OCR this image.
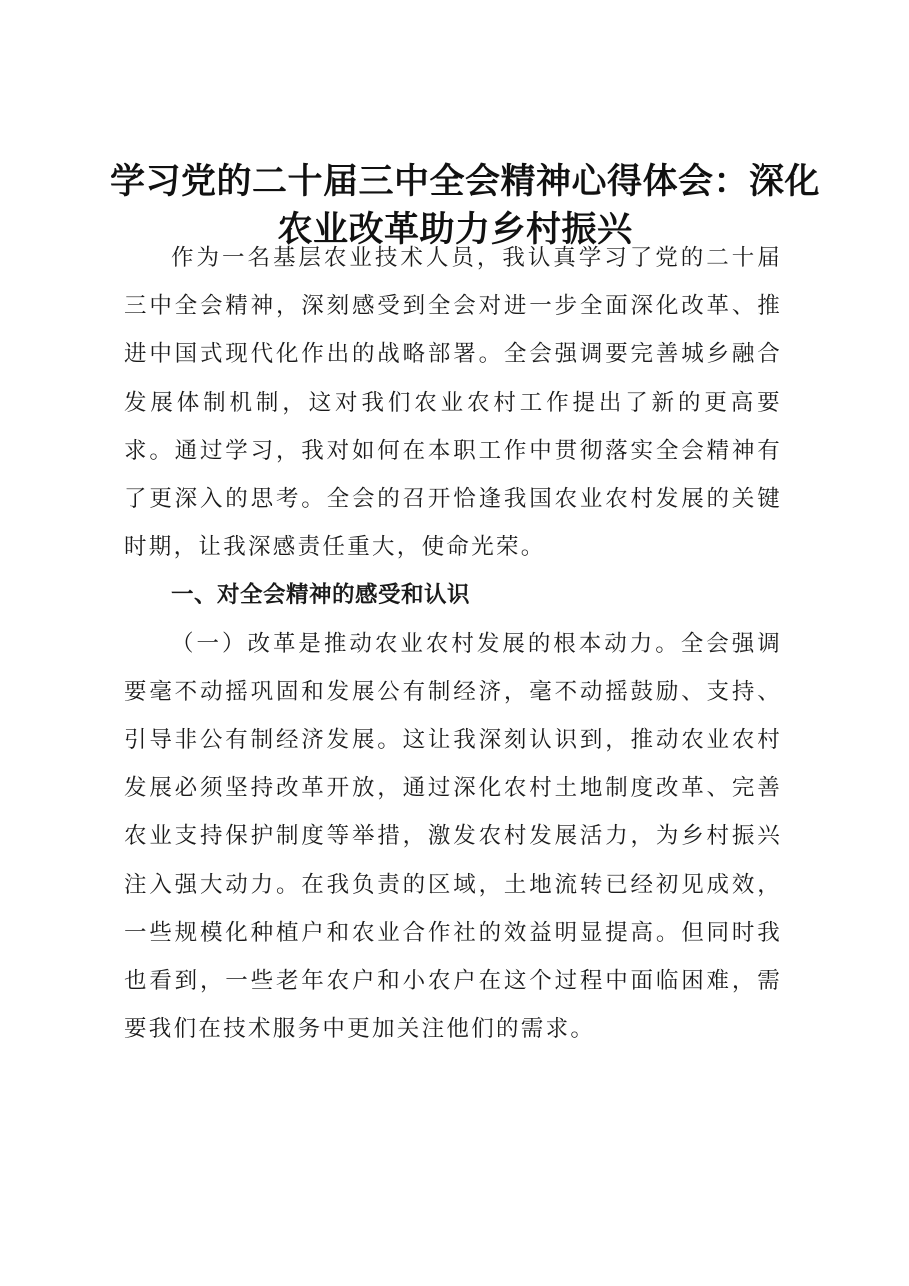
学习党的二十届三中全会精神心得体会：深化
农业改革助力乡村振兴

作为一名基层农业技术人员，我认真学习了党的二十届三中全会精神，深刻感受到全会对进一步全面深化改革、推进中国式现代化作出的战略部署。全会强调要完善城乡融合发展体制机制，这对我们农业农村工作提出了新的更高要求。通过学习，我对如何在本职工作中贯彻落实全会精神有了更深入的思考。全会的召开恰逢我国农业农村发展的关键时期，让我深感责任重大，使命光荣。

一、对全会精神的感受和认识

（一）改革是推动农业农村发展的根本动力。全会强调要毫不动摇巩固和发展公有制经济，毫不动摇鼓励、支持、引导非公有制经济发展。这让我深刻认识到，推动农业农村发展必须坚持改革开放，通过深化农村土地制度改革、完善农业支持保护制度等举措，激发农村发展活力，为乡村振兴注入强大动力。在我负责的区域，土地流转已经初见成效，一些规模化种植户和农业合作社的效益明显提高。但同时我也看到，一些老年农户和小农户在这个过程中面临困难，需要我们在技术服务中更加关注他们的需求。
